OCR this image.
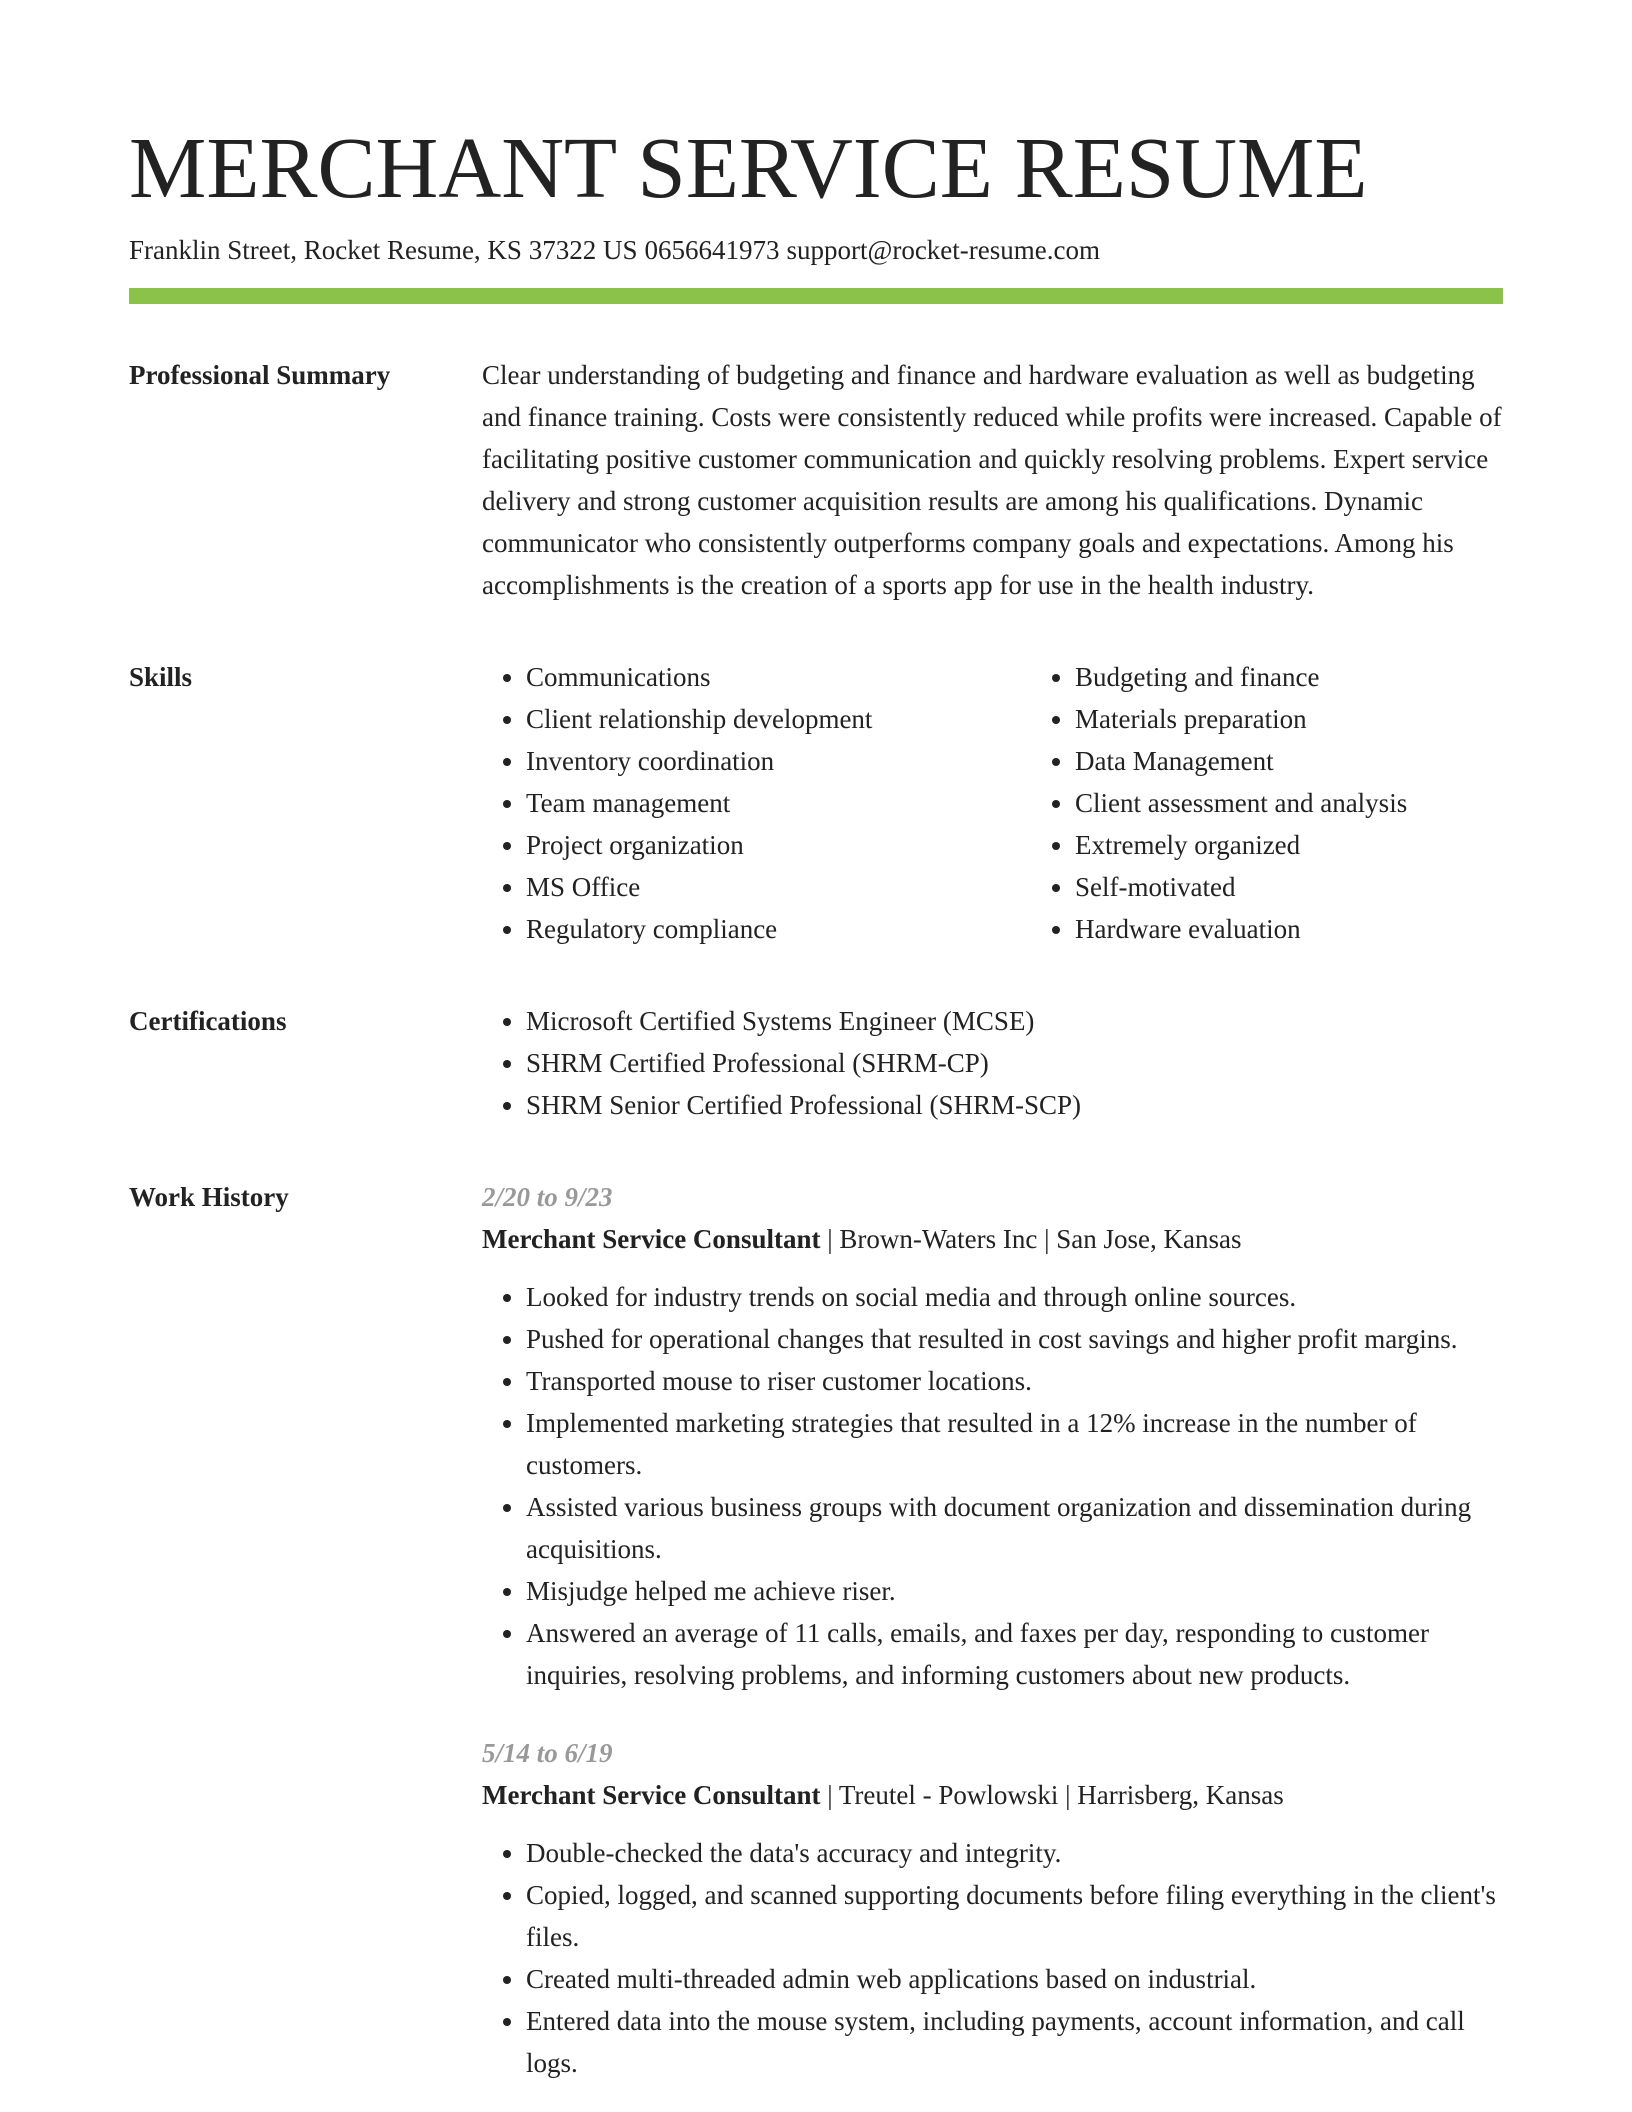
MERCHANT SERVICE RESUME
Franklin Street, Rocket Resume, KS 37322 US 0656641973 support@rocket-resume.com
Professional Summary	Clear understanding of budgeting and finance and hardware evaluation as well as budgeting and finance training. Costs were consistently reduced while profits were increased. Capable of facilitating positive customer communication and quickly resolving problems. Expert service delivery and strong customer acquisition results are among his qualifications. Dynamic communicator who consistently outperforms company goals and expectations. Among his accomplishments is the creation of a sports app for use in the health industry.

Skills	• Communications
• Client relationship development
• Inventory coordination
• Team management
• Project organization
• MS Office
• Regulatory compliance
• Budgeting and finance
• Materials preparation
• Data Management
• Client assessment and analysis
• Extremely organized
• Self-motivated
• Hardware evaluation
Certifications	• Microsoft Certified Systems Engineer (MCSE)
• SHRM Certified Professional (SHRM-CP)
• SHRM Senior Certified Professional (SHRM-SCP)
Work History	2/20 to 9/23
Merchant Service Consultant | Brown-Waters Inc | San Jose, Kansas
• Looked for industry trends on social media and through online sources.
• Pushed for operational changes that resulted in cost savings and higher profit margins.
• Transported mouse to riser customer locations.
• Implemented marketing strategies that resulted in a 12% increase in the number of customers.
• Assisted various business groups with document organization and dissemination during acquisitions.
• Misjudge helped me achieve riser.
• Answered an average of 11 calls, emails, and faxes per day, responding to customer inquiries, resolving problems, and informing customers about new products.
5/14 to 6/19
Merchant Service Consultant | Treutel - Powlowski | Harrisberg, Kansas
• Double-checked the data's accuracy and integrity.
• Copied, logged, and scanned supporting documents before filing everything in the client's files.
• Created multi-threaded admin web applications based on industrial.
• Entered data into the mouse system, including payments, account information, and call logs.
